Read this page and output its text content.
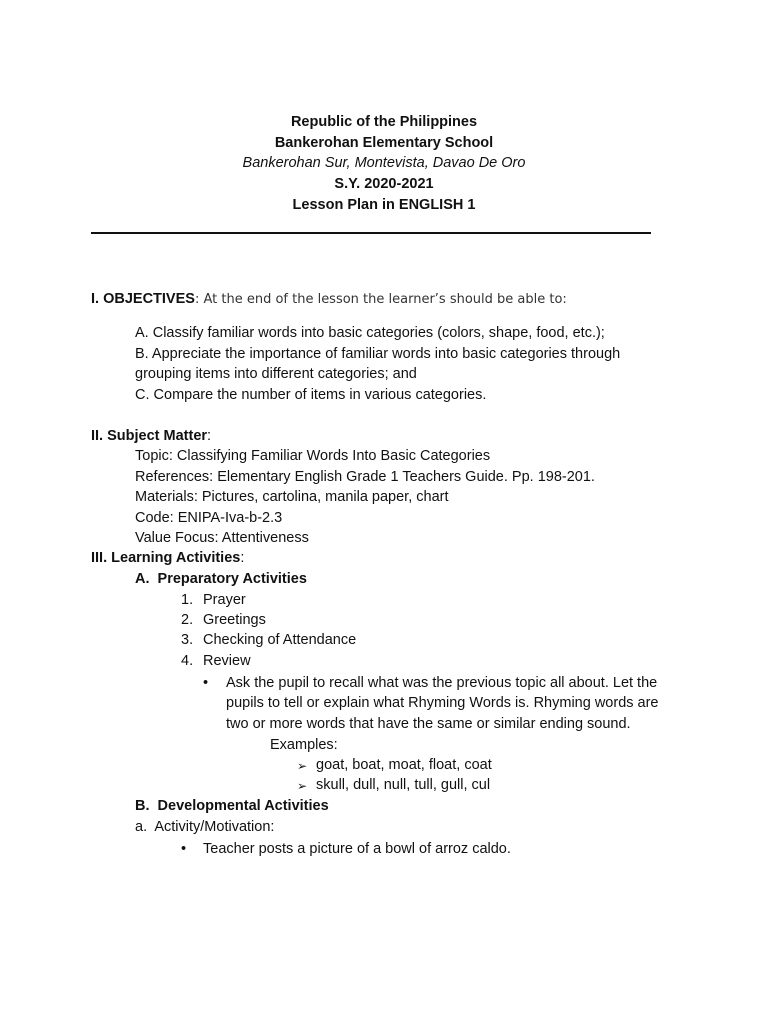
Republic of the Philippines
Bankerohan Elementary School
Bankerohan Sur, Montevista, Davao De Oro
S.Y. 2020-2021
Lesson Plan in ENGLISH 1
I. OBJECTIVES: At the end of the lesson the learner’s should be able to:
A. Classify familiar words into basic categories (colors, shape, food, etc.);
B. Appreciate the importance of familiar words into basic categories through
grouping items into different categories; and
C. Compare the number of items in various categories.
II. Subject Matter:
Topic: Classifying Familiar Words Into Basic Categories
References: Elementary English Grade 1 Teachers Guide. Pp. 198-201.
Materials: Pictures, cartolina, manila paper, chart
Code: ENIPA-Iva-b-2.3
Value Focus: Attentiveness
III. Learning Activities:
A.  Preparatory Activities
1. Prayer
2. Greetings
3. Checking of Attendance
4. Review
• Ask the pupil to recall what was the previous topic all about. Let the
pupils to tell or explain what Rhyming Words is. Rhyming words are
two or more words that have the same or similar ending sound.
Examples:
➢ goat, boat, moat, float, coat
➢ skull, dull, null, tull, gull, cul
B.  Developmental Activities
a.  Activity/Motivation:
• Teacher posts a picture of a bowl of arroz caldo.
